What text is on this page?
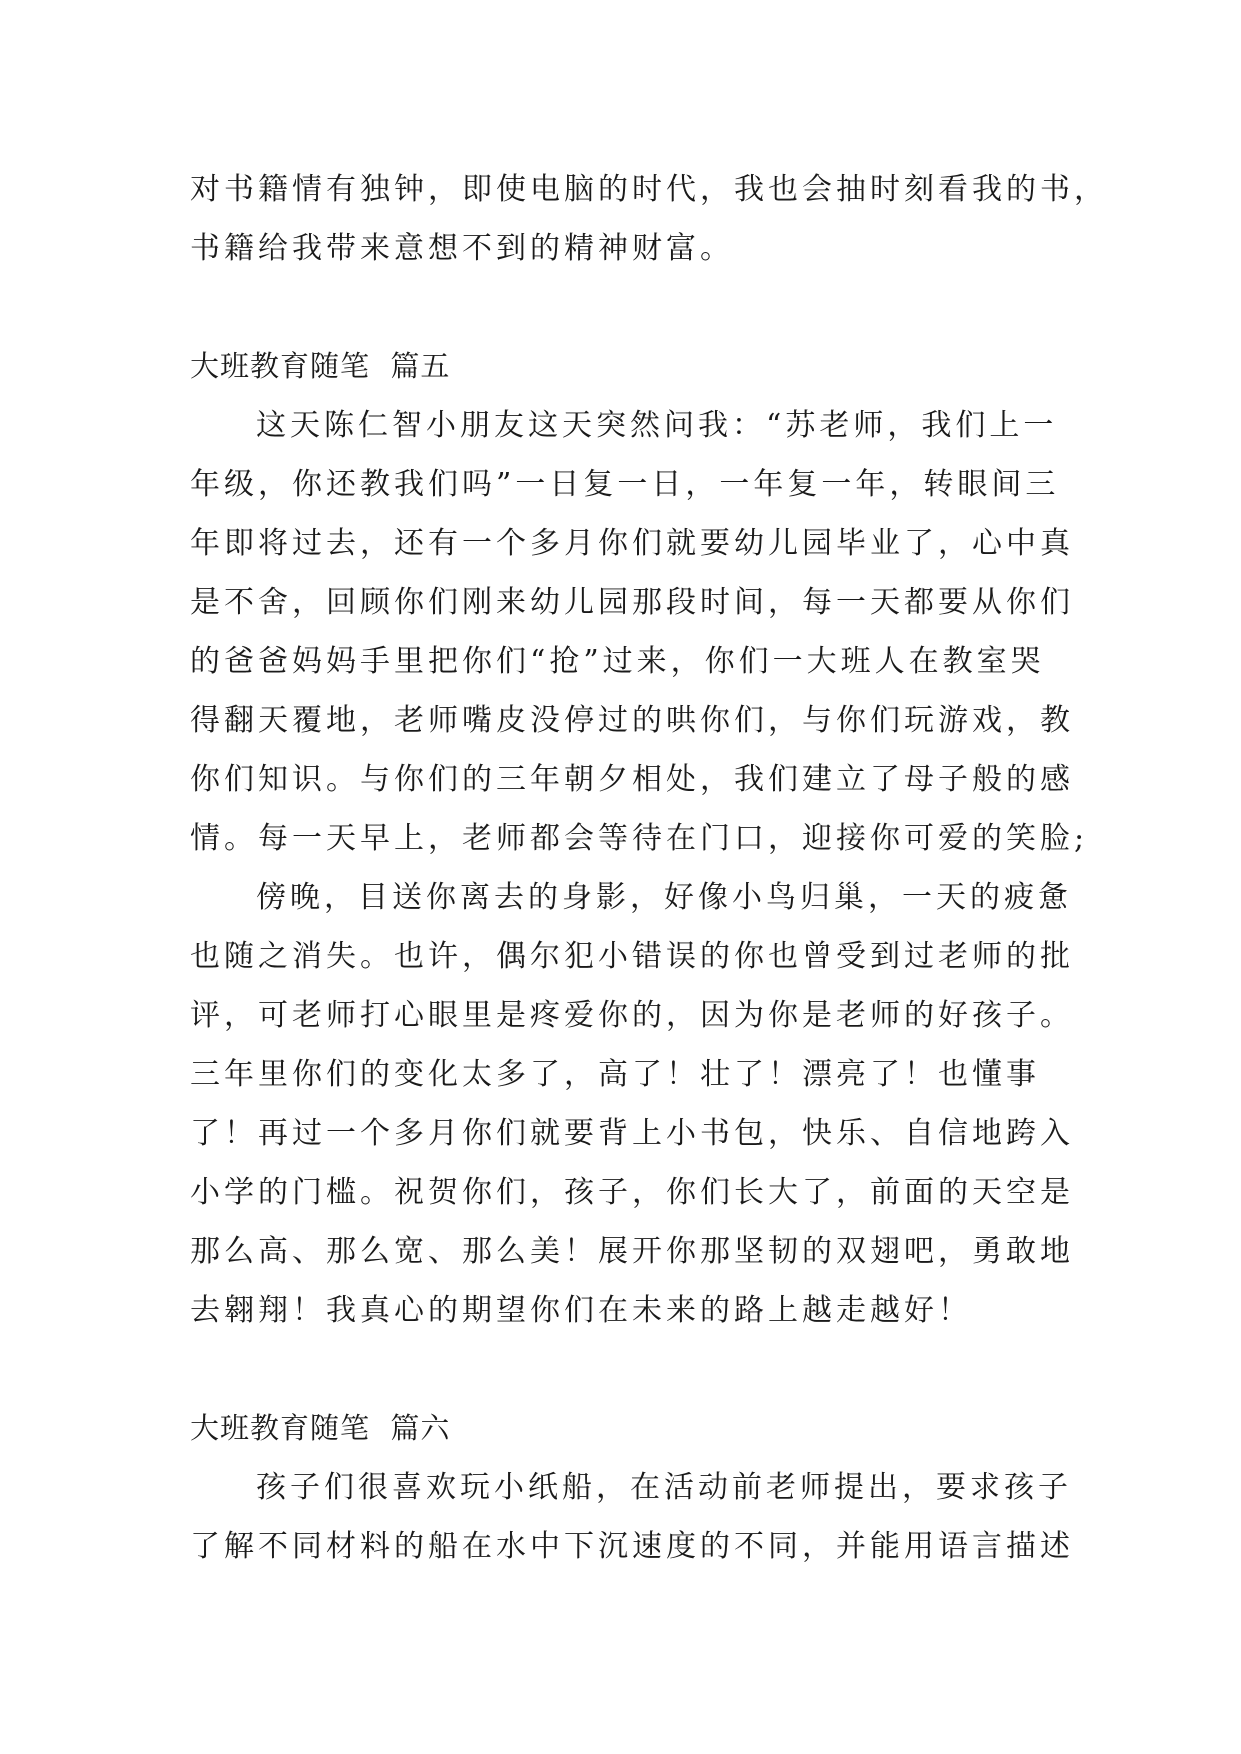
对书籍情有独钟，即使电脑的时代，我也会抽时刻看我的书，
书籍给我带来意想不到的精神财富。
大班教育随笔  篇五
这天陈仁智小朋友这天突然问我：“苏老师，我们上一
年级，你还教我们吗”一日复一日，一年复一年，转眼间三
年即将过去，还有一个多月你们就要幼儿园毕业了，心中真
是不舍，回顾你们刚来幼儿园那段时间，每一天都要从你们
的爸爸妈妈手里把你们“抢”过来，你们一大班人在教室哭
得翻天覆地，老师嘴皮没停过的哄你们，与你们玩游戏，教
你们知识。与你们的三年朝夕相处，我们建立了母子般的感
情。每一天早上，老师都会等待在门口，迎接你可爱的笑脸;
傍晚，目送你离去的身影，好像小鸟归巢，一天的疲惫
也随之消失。也许，偶尔犯小错误的你也曾受到过老师的批
评，可老师打心眼里是疼爱你的，因为你是老师的好孩子。
三年里你们的变化太多了，高了！壮了！漂亮了！也懂事
了！再过一个多月你们就要背上小书包，快乐、自信地跨入
小学的门槛。祝贺你们，孩子，你们长大了，前面的天空是
那么高、那么宽、那么美！展开你那坚韧的双翅吧，勇敢地
去翱翔！我真心的期望你们在未来的路上越走越好！
大班教育随笔  篇六
孩子们很喜欢玩小纸船，在活动前老师提出，要求孩子
了解不同材料的船在水中下沉速度的不同，并能用语言描述
